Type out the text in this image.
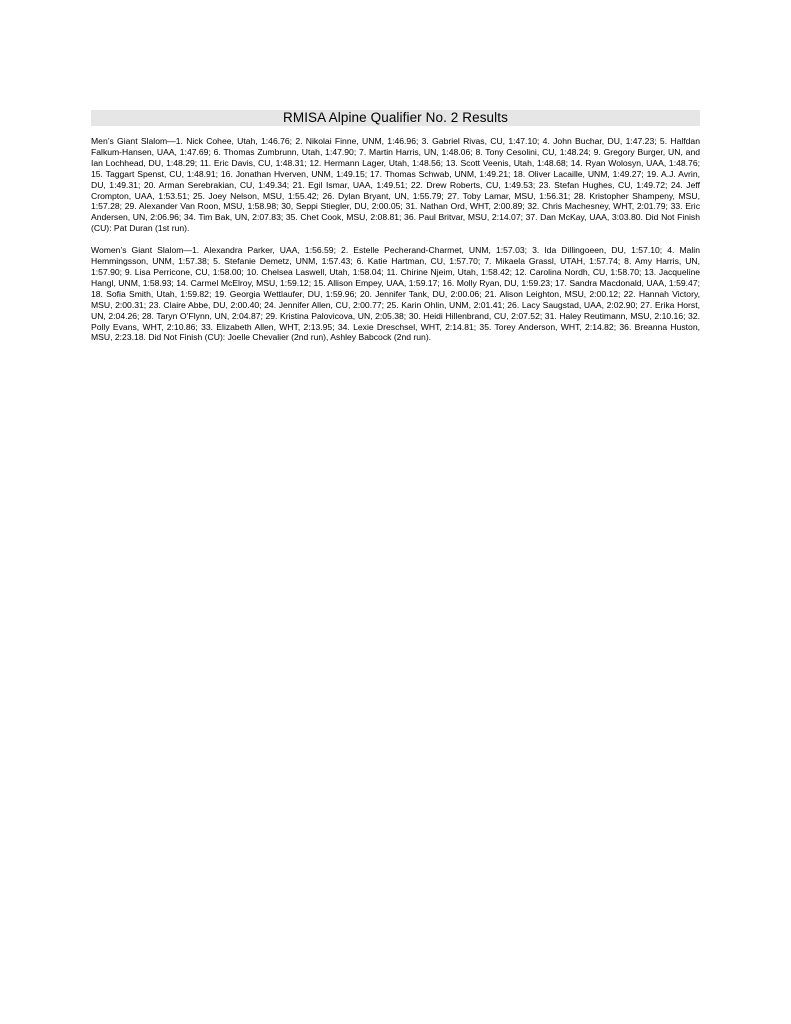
RMISA Alpine Qualifier No. 2 Results

Men’s Giant Slalom—1. Nick Cohee, Utah, 1:46.76; 2. Nikolai Finne, UNM, 1:46.96; 3. Gabriel Rivas, CU, 1:47.10; 4. John Buchar, DU, 1:47.23; 5. Halfdan Falkum-Hansen, UAA, 1:47.69; 6. Thomas Zumbrunn, Utah, 1:47.90; 7. Martin Harris, UN, 1:48.06; 8. Tony Cesolini, CU, 1:48.24; 9. Gregory Burger, UN, and Ian Lochhead, DU, 1:48.29; 11. Eric Davis, CU, 1:48.31; 12. Hermann Lager, Utah, 1:48.56; 13. Scott Veenis, Utah, 1:48.68; 14. Ryan Wolosyn, UAA, 1:48.76; 15. Taggart Spenst, CU, 1:48.91; 16. Jonathan Hverven, UNM, 1:49.15; 17. Thomas Schwab, UNM, 1:49.21; 18. Oliver Lacaille, UNM, 1:49.27; 19. A.J. Avrin, DU, 1:49.31; 20. Arman Serebrakian, CU, 1:49.34; 21. Egil Ismar, UAA, 1:49.51; 22. Drew Roberts, CU, 1:49.53; 23. Stefan Hughes, CU, 1:49.72; 24. Jeff Crompton, UAA, 1:53.51; 25. Joey Nelson, MSU, 1:55.42; 26. Dylan Bryant, UN, 1:55.79; 27. Toby Lamar, MSU, 1:56.31; 28. Kristopher Shampeny, MSU, 1:57.28; 29. Alexander Van Roon, MSU, 1:58.98; 30, Seppi Stiegler, DU, 2:00.05; 31. Nathan Ord, WHT, 2:00.89; 32. Chris Machesney, WHT, 2:01.79; 33. Eric Andersen, UN, 2:06.96; 34. Tim Bak, UN, 2:07.83; 35. Chet Cook, MSU, 2:08.81; 36. Paul Britvar, MSU, 2:14.07; 37. Dan McKay, UAA, 3:03.80. Did Not Finish (CU): Pat Duran (1st run).

Women’s Giant Slalom—1. Alexandra Parker, UAA, 1:56.59; 2. Estelle Pecherand-Charmet, UNM, 1:57.03; 3. Ida Dillingoeen, DU, 1:57.10; 4. Malin Hemmingsson, UNM, 1:57.38; 5. Stefanie Demetz, UNM, 1:57.43; 6. Katie Hartman, CU, 1:57.70; 7. Mikaela Grassl, UTAH, 1:57.74; 8. Amy Harris, UN, 1:57.90; 9. Lisa Perricone, CU, 1:58.00; 10. Chelsea Laswell, Utah, 1:58.04; 11. Chirine Njeim, Utah, 1:58.42; 12. Carolina Nordh, CU, 1:58.70; 13. Jacqueline Hangl, UNM, 1:58.93; 14. Carmel McElroy, MSU, 1:59.12; 15. Allison Empey, UAA, 1:59.17; 16. Molly Ryan, DU, 1:59.23; 17. Sandra Macdonald, UAA, 1:59.47; 18. Sofia Smith, Utah, 1:59.82; 19. Georgia Wettlaufer, DU, 1:59.96; 20. Jennifer Tank, DU, 2:00.06; 21. Alison Leighton, MSU, 2:00.12; 22. Hannah Victory, MSU, 2:00.31; 23. Claire Abbe, DU, 2:00.40; 24. Jennifer Allen, CU, 2:00.77; 25. Karin Ohlin, UNM, 2:01.41; 26. Lacy Saugstad, UAA, 2:02.90; 27. Erika Horst, UN, 2:04.26; 28. Taryn O’Flynn, UN, 2:04.87; 29. Kristina Palovicova, UN, 2:05.38; 30. Heidi Hillenbrand, CU, 2:07.52; 31. Haley Reutimann, MSU, 2:10.16; 32. Polly Evans, WHT, 2:10.86; 33. Elizabeth Allen, WHT, 2:13.95; 34. Lexie Dreschsel, WHT, 2:14.81; 35. Torey Anderson, WHT, 2:14.82; 36. Breanna Huston, MSU, 2:23.18. Did Not Finish (CU): Joelle Chevalier (2nd run), Ashley Babcock (2nd run).
